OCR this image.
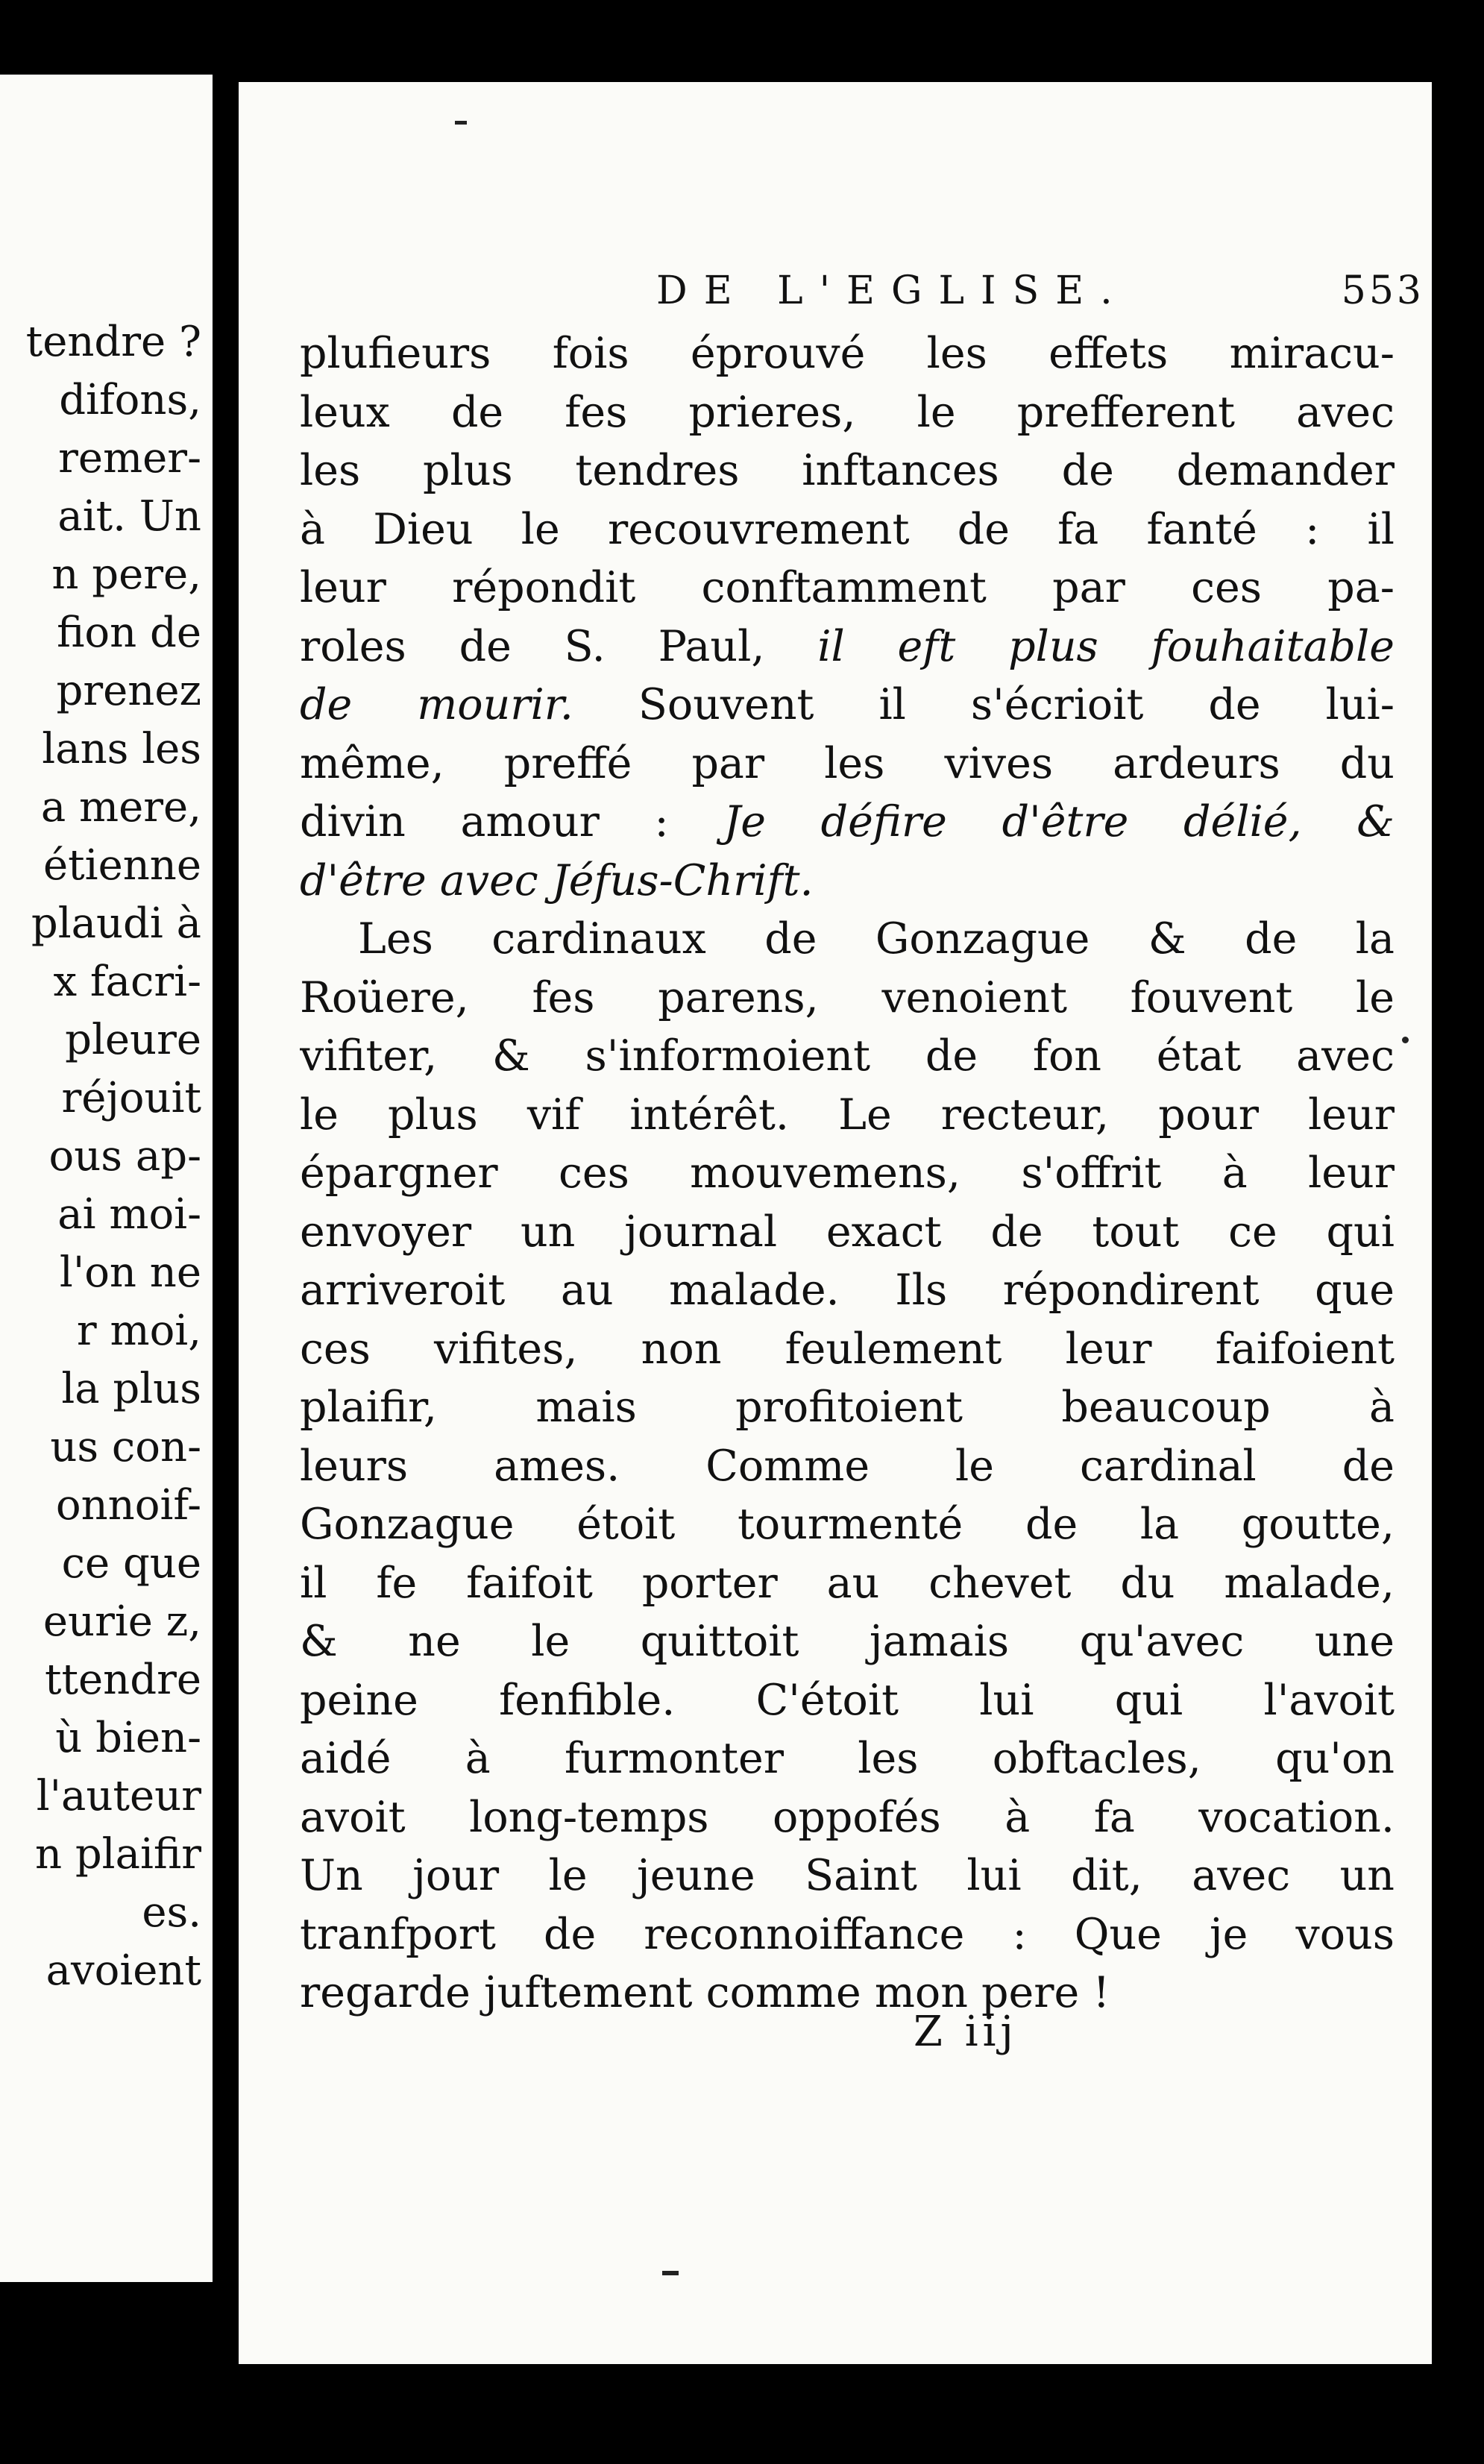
tendre ?
difons,
remer-
ait. Un
n pere,
fion de
prenez
lans les
a mere,
étienne
plaudi à
x facri-
pleure
réjouit
ous ap-
ai moi-
l'on ne
r moi,
la plus
us con-
onnoif-
ce que
eurie z,
ttendre
ù bien-
l'auteur
n plaifir
es.
avoient
DE L'EGLISE.	553
plufieurs fois éprouvé les effets miracu-
leux de fes prieres, le prefferent avec
les plus tendres inftances de demander
à Dieu le recouvrement de fa fanté : il
leur répondit conftamment par ces pa-
roles de S. Paul, il eft plus fouhaitable
de mourir. Souvent il s'écrioit de lui-
même, preffé par les vives ardeurs du
divin amour : Je défire d'être délié, &
d'être avec Jéfus-Chrift.
Les cardinaux de Gonzague & de la
Roüere, fes parens, venoient fouvent le
vifiter, & s'informoient de fon état avec
le plus vif intérêt. Le recteur, pour leur
épargner ces mouvemens, s'offrit à leur
envoyer un journal exact de tout ce qui
arriveroit au malade. Ils répondirent que
ces vifites, non feulement leur faifoient
plaifir, mais profitoient beaucoup à
leurs ames. Comme le cardinal de
Gonzague étoit tourmenté de la goutte,
il fe faifoit porter au chevet du malade,
& ne le quittoit jamais qu'avec une
peine fenfible. C'étoit lui qui l'avoit
aidé à furmonter les obftacles, qu'on
avoit long-temps oppofés à fa vocation.
Un jour le jeune Saint lui dit, avec un
tranfport de reconnoiffance : Que je vous
regarde juftement comme mon pere !
Z iij
